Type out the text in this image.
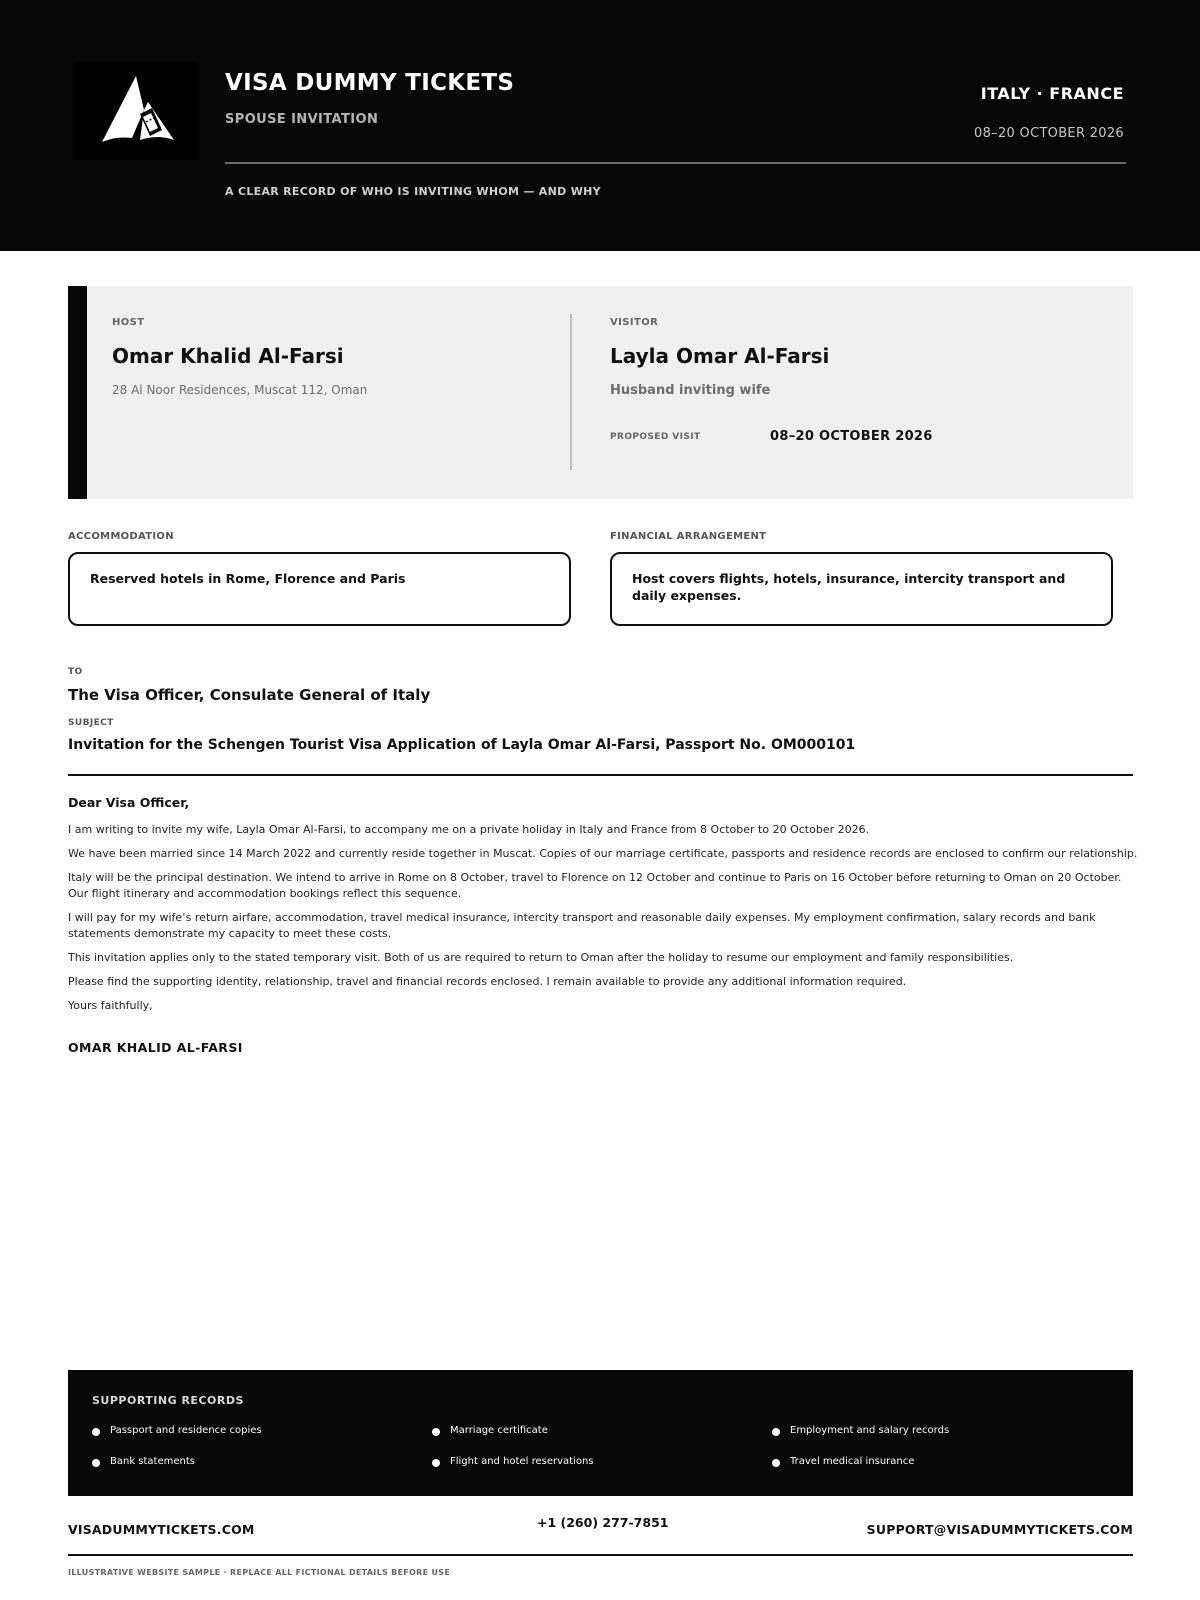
VISA DUMMY TICKETS
SPOUSE INVITATION
ITALY · FRANCE
08–20 OCTOBER 2026
A CLEAR RECORD OF WHO IS INVITING WHOM — AND WHY
HOST
Omar Khalid Al-Farsi
28 Al Noor Residences, Muscat 112, Oman
VISITOR
Layla Omar Al-Farsi
Husband inviting wife
PROPOSED VISIT	08–20 OCTOBER 2026
ACCOMMODATION
Reserved hotels in Rome, Florence and Paris
FINANCIAL ARRANGEMENT
Host covers flights, hotels, insurance, intercity transport and daily expenses.
TO
The Visa Officer, Consulate General of Italy
SUBJECT
Invitation for the Schengen Tourist Visa Application of Layla Omar Al-Farsi, Passport No. OM000101
Dear Visa Officer,

I am writing to invite my wife, Layla Omar Al-Farsi, to accompany me on a private holiday in Italy and France from 8 October to 20 October 2026.

We have been married since 14 March 2022 and currently reside together in Muscat. Copies of our marriage certificate, passports and residence records are enclosed to confirm our relationship.

Italy will be the principal destination. We intend to arrive in Rome on 8 October, travel to Florence on 12 October and continue to Paris on 16 October before returning to Oman on 20 October. Our flight itinerary and accommodation bookings reflect this sequence.

I will pay for my wife’s return airfare, accommodation, travel medical insurance, intercity transport and reasonable daily expenses. My employment confirmation, salary records and bank statements demonstrate my capacity to meet these costs.

This invitation applies only to the stated temporary visit. Both of us are required to return to Oman after the holiday to resume our employment and family responsibilities.

Please find the supporting identity, relationship, travel and financial records enclosed. I remain available to provide any additional information required.

Yours faithfully,
OMAR KHALID AL-FARSI
SUPPORTING RECORDS
Passport and residence copies	Marriage certificate	Employment and salary records
Bank statements	Flight and hotel reservations	Travel medical insurance
VISADUMMYTICKETS.COM	+1 (260) 277-7851	SUPPORT@VISADUMMYTICKETS.COM
ILLUSTRATIVE WEBSITE SAMPLE · REPLACE ALL FICTIONAL DETAILS BEFORE USE
